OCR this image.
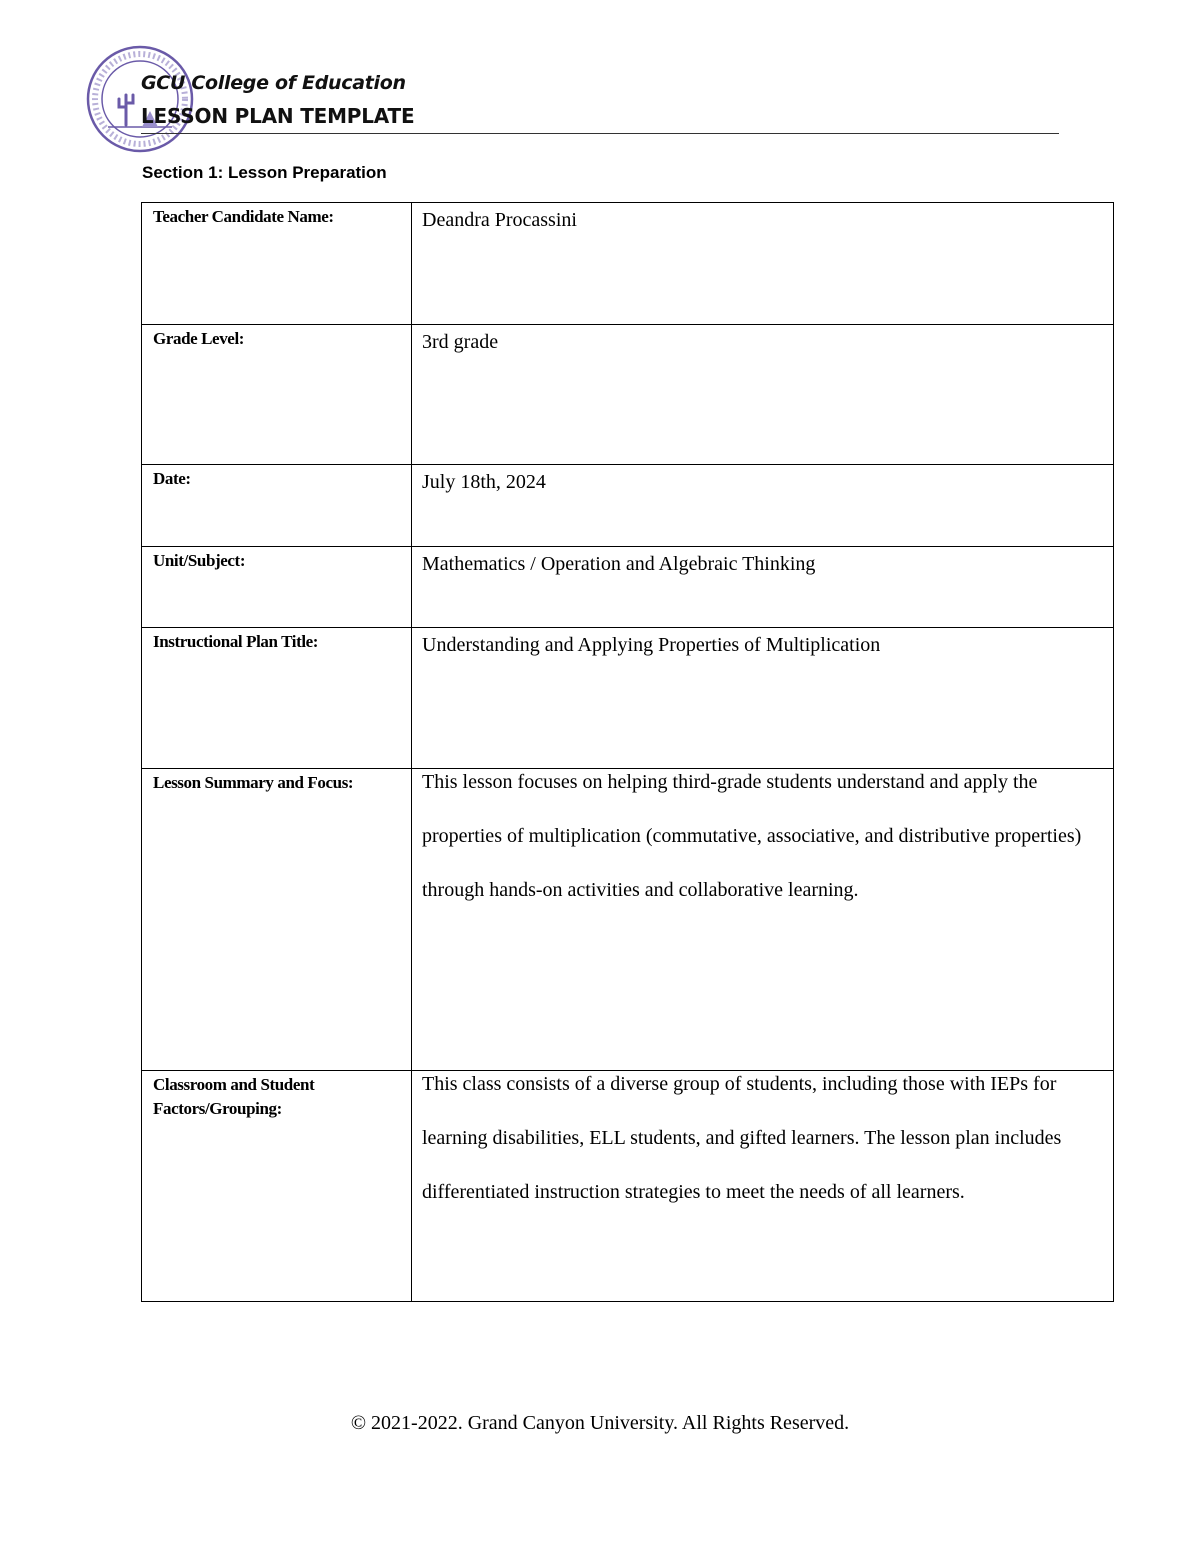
GCU College of Education
LESSON PLAN TEMPLATE
Section 1: Lesson Preparation
Teacher Candidate Name:	Deandra Procassini
Grade Level:	3rd grade
Date:	July 18th, 2024
Unit/Subject:	Mathematics / Operation and Algebraic Thinking
Instructional Plan Title:	Understanding and Applying Properties of Multiplication
Lesson Summary and Focus:	This lesson focuses on helping third-grade students understand and apply the properties of multiplication (commutative, associative, and distributive properties) through hands-on activities and collaborative learning.

Classroom and Student Factors/Grouping:	This class consists of a diverse group of students, including those with IEPs for learning disabilities, ELL students, and gifted learners. The lesson plan includes differentiated instruction strategies to meet the needs of all learners.
© 2021-2022. Grand Canyon University. All Rights Reserved.
